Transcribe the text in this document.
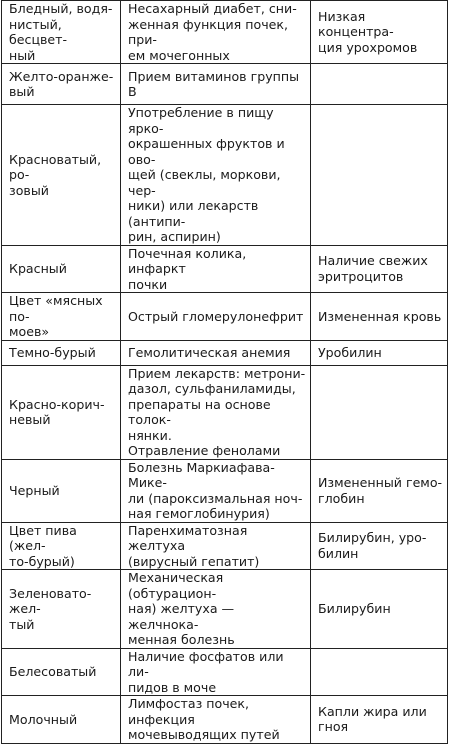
Бледный, водя-
нистый, бесцвет-
ный	Несахарный диабет, сни-
женная функция почек, при-
ем мочегонных	Низкая концентра-
ция урохромов
Желто-оранже-
вый	Прием витаминов группы В	
Красноватый, ро-
зовый	Употребление в пищу ярко-
окрашенных фруктов и ово-
щей (свеклы, моркови, чер-
ники) или лекарств (антипи-
рин, аспирин)	
Красный	Почечная колика, инфаркт
почки	Наличие свежих
эритроцитов
Цвет «мясных по-
моев»	Острый гломерулонефрит	Измененная кровь
Темно-бурый	Гемолитическая анемия	Уробилин
Красно-корич-
невый	Прием лекарств: метрони-
дазол, сульфаниламиды,
препараты на основе толок-
нянки.
Отравление фенолами	
Черный	Болезнь Маркиафава-Мике-
ли (пароксизмальная ноч-
ная гемоглобинурия)	Измененный гемо-
глобин
Цвет пива (жел-
то-бурый)	Паренхиматозная желтуха
(вирусный гепатит)	Билирубин, уро-
билин
Зеленовато-жел-
тый	Механическая (обтурацион-
ная) желтуха — желчнока-
менная болезнь	Билирубин
Белесоватый	Наличие фосфатов или ли-
пидов в моче	
Молочный	Лимфостаз почек, инфекция
мочевыводящих путей	Капли жира или
гноя
